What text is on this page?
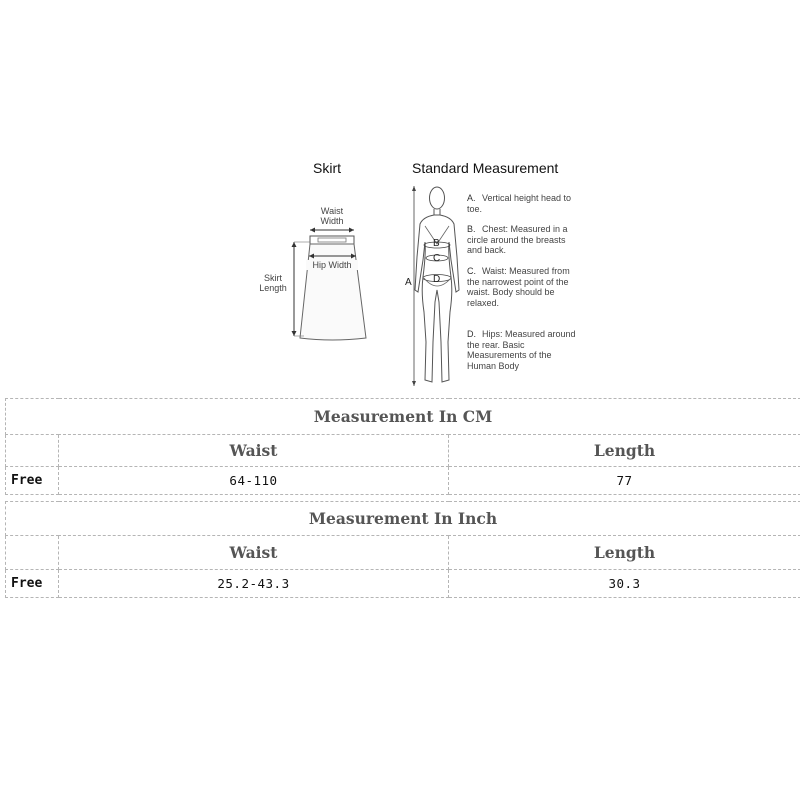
Skirt	Standard Measurement
Waist
Width
Hip Width
Skirt
Length	A
B
C
D
A. Vertical height head to toe.
B. Chest: Measured in a circle around the breasts and back.
C. Waist: Measured from the narrowest point of the waist. Body should be relaxed.
D. Hips: Measured around the rear. Basic Measurements of the Human Body
Measurement In CM		
	Waist	Length
Free	64-110	77
Measurement In Inch		
	Waist	Length
Free	25.2-43.3	30.3
